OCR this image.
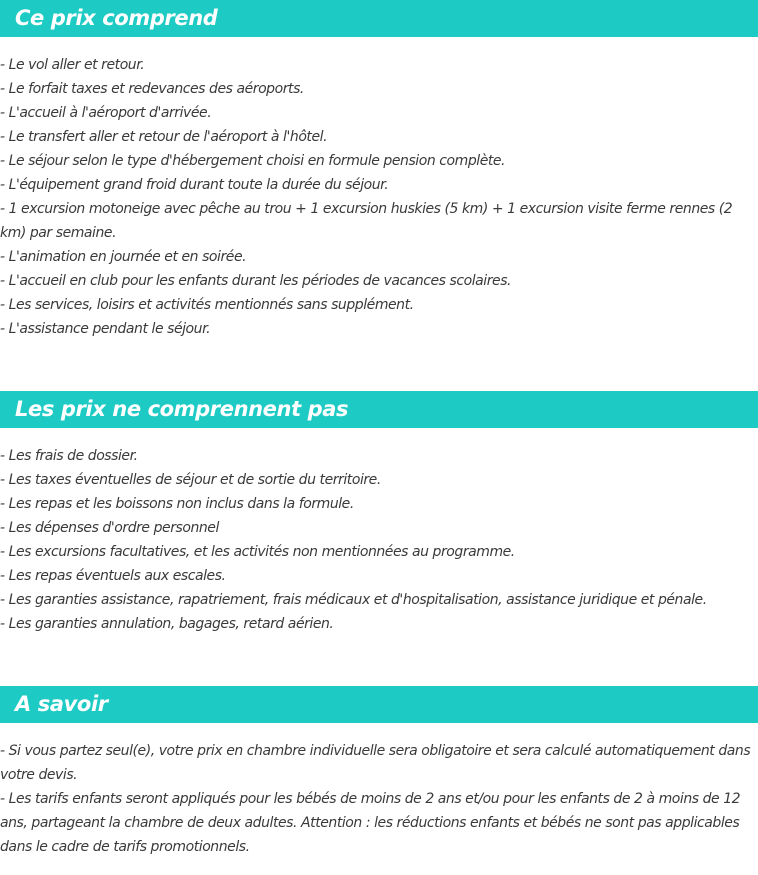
Ce prix comprend
- Le vol aller et retour.
- Le forfait taxes et redevances des aéroports.
- L'accueil à l'aéroport d'arrivée.
- Le transfert aller et retour de l'aéroport à l'hôtel.
- Le séjour selon le type d'hébergement choisi en formule pension complète.
- L'équipement grand froid durant toute la durée du séjour.
- 1 excursion motoneige avec pêche au trou + 1 excursion huskies (5 km) + 1 excursion visite ferme rennes (2 km) par semaine.
- L'animation en journée et en soirée.
- L'accueil en club pour les enfants durant les périodes de vacances scolaires.
- Les services, loisirs et activités mentionnés sans supplément.
- L'assistance pendant le séjour.
Les prix ne comprennent pas
- Les frais de dossier.
- Les taxes éventuelles de séjour et de sortie du territoire.
- Les repas et les boissons non inclus dans la formule.
- Les dépenses d'ordre personnel
- Les excursions facultatives, et les activités non mentionnées au programme.
- Les repas éventuels aux escales.
- Les garanties assistance, rapatriement, frais médicaux et d'hospitalisation, assistance juridique et pénale.
- Les garanties annulation, bagages, retard aérien.
A savoir
- Si vous partez seul(e), votre prix en chambre individuelle sera obligatoire et sera calculé automatiquement dans votre devis.
- Les tarifs enfants seront appliqués pour les bébés de moins de 2 ans et/ou pour les enfants de 2 à moins de 12 ans, partageant la chambre de deux adultes. Attention : les réductions enfants et bébés ne sont pas applicables dans le cadre de tarifs promotionnels.
